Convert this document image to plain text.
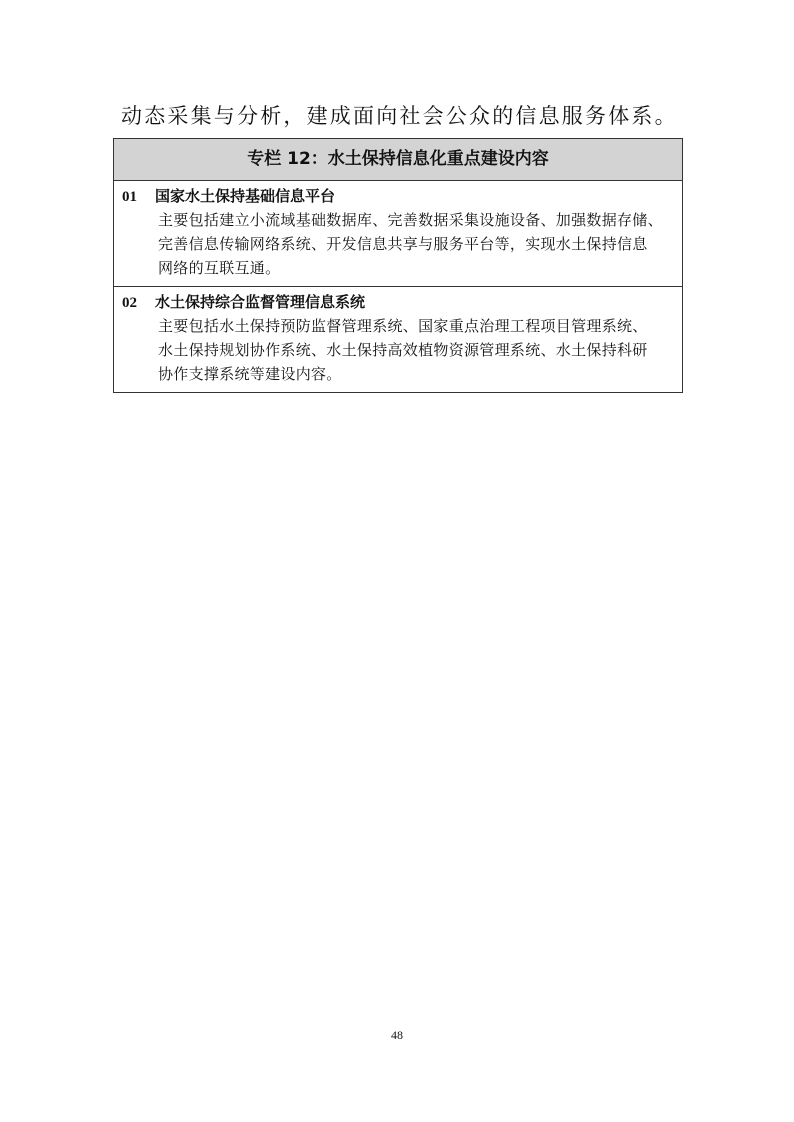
动态采集与分析，建成面向社会公众的信息服务体系。
专栏 12：水土保持信息化重点建设内容
01 国家水土保持基础信息平台
主要包括建立小流域基础数据库、完善数据采集设施设备、加强数据存储、
完善信息传输网络系统、开发信息共享与服务平台等，实现水土保持信息
网络的互联互通。
02 水土保持综合监督管理信息系统
主要包括水土保持预防监督管理系统、国家重点治理工程项目管理系统、
水土保持规划协作系统、水土保持高效植物资源管理系统、水土保持科研
协作支撑系统等建设内容。
48
